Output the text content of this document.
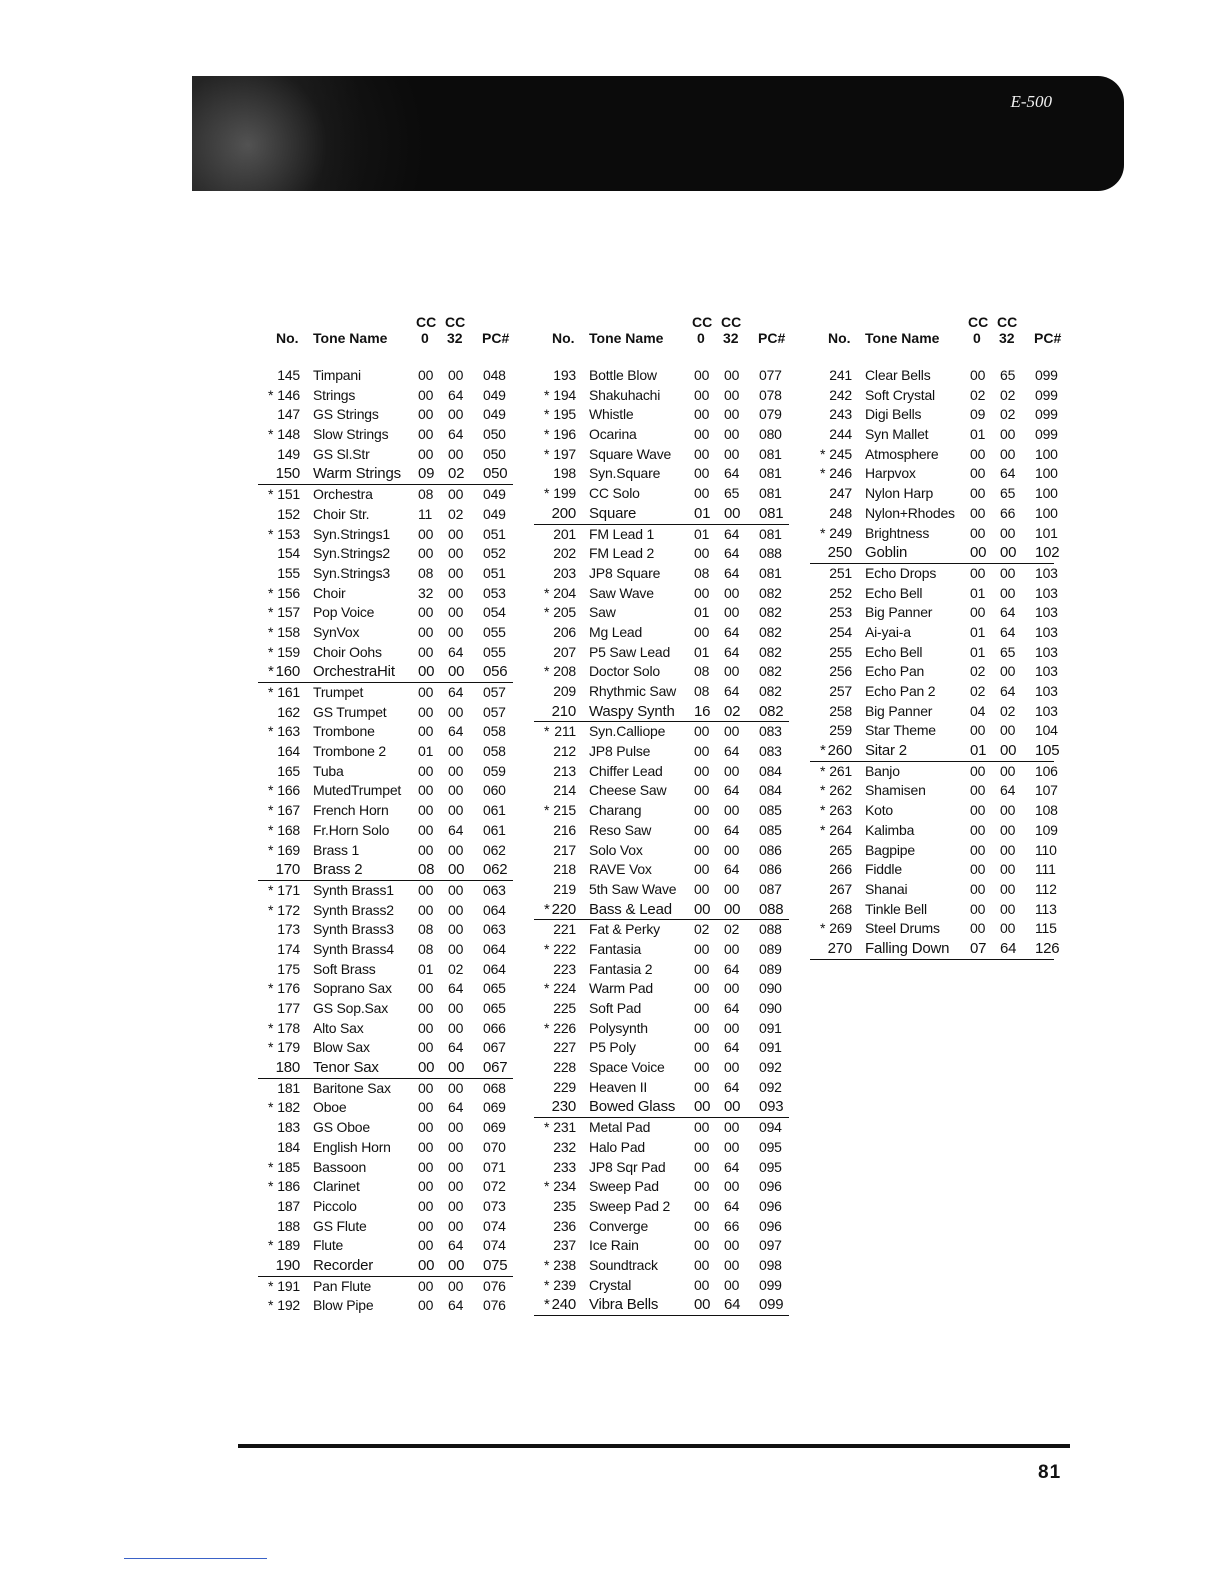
E-500
CC CC
No. Tone Name 0 32 PC#
145 Timpani	00 00 048
* 146 Strings	00 64 049
147 GS Strings	00 00 049
* 148 Slow Strings 00 64 050
149 GS Sl.Str	00 00 050
150 Warm Strings 09 02 050
* 151 Orchestra	08 00 049
152 Choir Str.	11 02 049
* 153 Syn.Strings1 00 00 051
154 Syn.Strings2 00 00 052
155 Syn.Strings3 08 00 051
* 156 Choir	32 00 053
* 157 Pop Voice	00 00 054
* 158 SynVox	00 00 055
* 159 Choir Oohs	00 64 055
* 160 OrchestraHit 00 00 056
* 161 Trumpet	00 64 057
162 GS Trumpet 00 00 057
* 163 Trombone	00 64 058
164 Trombone 2 01 00 058
165 Tuba	00 00 059
* 166 MutedTrumpet 00 00 060
* 167 French Horn 00 00 061
* 168 Fr.Horn Solo 00 64 061
* 169 Brass 1	00 00 062
170 Brass 2	08 00 062
* 171 Synth Brass1 00 00 063
* 172 Synth Brass2 00 00 064
173 Synth Brass3 08 00 063
174 Synth Brass4 08 00 064
175 Soft Brass	01 02 064
* 176 Soprano Sax 00 64 065
177 GS Sop.Sax 00 00 065
* 178 Alto Sax	00 00 066
* 179 Blow Sax	00 64 067
180 Tenor Sax	00 00 067
181 Baritone Sax 00 00 068
* 182 Oboe	00 64 069
183 GS Oboe	00 00 069
184 English Horn 00 00 070
* 185 Bassoon	00 00 071
* 186 Clarinet	00 00 072
187 Piccolo	00 00 073
188 GS Flute	00 00 074
* 189 Flute	00 64 074
190 Recorder	00 00 075
* 191 Pan Flute	00 00 076
* 192 Blow Pipe	00 64 076
CC CC
No. Tone Name 0 32 PC#
193 Bottle Blow	00 00 077
* 194 Shakuhachi 00 00 078
* 195 Whistle	00 00 079
* 196 Ocarina	00 00 080
* 197 Square Wave 00 00 081
198 Syn.Square 00 64 081
* 199 CC Solo	00 65 081
200 Square	01 00 081
201 FM Lead 1	01 64 081
202 FM Lead 2	00 64 088
203 JP8 Square 08 64 081
* 204 Saw Wave	00 00 082
* 205 Saw	01 00 082
206 Mg Lead	00 64 082
207 P5 Saw Lead 01 64 082
* 208 Doctor Solo 08 00 082
209 Rhythmic Saw 08 64 082
210 Waspy Synth 16 02 082
* 211 Syn.Calliope 00 00 083
212 JP8 Pulse	00 64 083
213 Chiffer Lead 00 00 084
214 Cheese Saw 00 64 084
* 215 Charang	00 00 085
216 Reso Saw	00 64 085
217 Solo Vox	00 00 086
218 RAVE Vox	00 64 086
219 5th Saw Wave 00 00 087
* 220 Bass & Lead 00 00 088
221 Fat & Perky 02 02 088
* 222 Fantasia	00 00 089
223 Fantasia 2	00 64 089
* 224 Warm Pad	00 00 090
225 Soft Pad	00 64 090
* 226 Polysynth	00 00 091
227 P5 Poly	00 64 091
228 Space Voice 00 00 092
229 Heaven II	00 64 092
230 Bowed Glass 00 00 093
* 231 Metal Pad	00 00 094
232 Halo Pad	00 00 095
233 JP8 Sqr Pad 00 64 095
* 234 Sweep Pad	00 00 096
235 Sweep Pad 2 00 64 096
236 Converge	00 66 096
237 Ice Rain	00 00 097
* 238 Soundtrack	00 00 098
* 239 Crystal	00 00 099
* 240 Vibra Bells 00 64 099
CC CC
No. Tone Name 0 32 PC#
241 Clear Bells	00 65 099
242 Soft Crystal	02 02 099
243 Digi Bells	09 02 099
244 Syn Mallet	01 00 099
* 245 Atmosphere 00 00 100
* 246 Harpvox	00 64 100
247 Nylon Harp	00 65 100
248 Nylon+Rhodes 00 66 100
* 249 Brightness	00 00 101
250 Goblin	00 00 102
251 Echo Drops 00 00 103
252 Echo Bell	01 00 103
253 Big Panner	00 64 103
254 Ai-yai-a	01 64 103
255 Echo Bell	01 65 103
256 Echo Pan	02 00 103
257 Echo Pan 2 02 64 103
258 Big Panner	04 02 103
259 Star Theme 00 00 104
* 260 Sitar 2	01 00 105
* 261 Banjo	00 00 106
* 262 Shamisen	00 64 107
* 263 Koto	00 00 108
* 264 Kalimba	00 00 109
265 Bagpipe	00 00 110
266 Fiddle	00 00 111
267 Shanai	00 00 112
268 Tinkle Bell	00 00 113
* 269 Steel Drums 00 00 115
270 Falling Down 07 64 126
81
